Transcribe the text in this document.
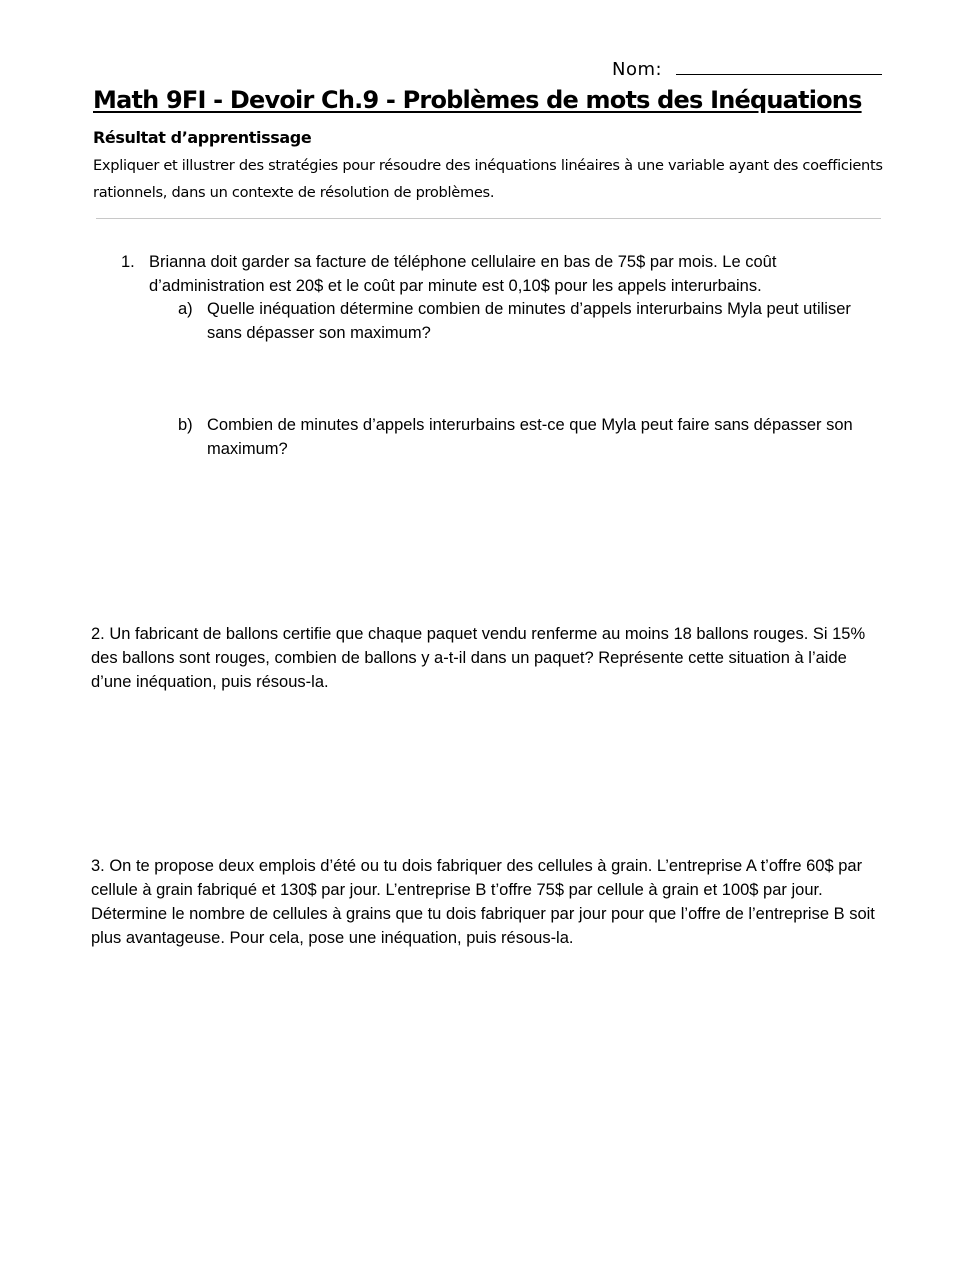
Nom:
Math 9FI - Devoir Ch.9 - Problèmes de mots des Inéquations
Résultat d’apprentissage

Expliquer et illustrer des stratégies pour résoudre des inéquations linéaires à une variable ayant des coefficients rationnels, dans un contexte de résolution de problèmes.

1. Brianna doit garder sa facture de téléphone cellulaire en bas de 75$ par mois. Le coût d’administration est 20$ et le coût par minute est 0,10$ pour les appels interurbains.

a) Quelle inéquation détermine combien de minutes d’appels interurbains Myla peut utiliser sans dépasser son maximum?

b) Combien de minutes d’appels interurbains est-ce que Myla peut faire sans dépasser son maximum?

2. Un fabricant de ballons certifie que chaque paquet vendu renferme au moins 18 ballons rouges. Si 15% des ballons sont rouges, combien de ballons y a-t-il dans un paquet? Représente cette situation à l’aide d’une inéquation, puis résous-la.

3. On te propose deux emplois d’été ou tu dois fabriquer des cellules à grain. L’entreprise A t’offre 60$ par cellule à grain fabriqué et 130$ par jour. L’entreprise B t’offre 75$ par cellule à grain et 100$ par jour. Détermine le nombre de cellules à grains que tu dois fabriquer par jour pour que l’offre de l’entreprise B soit plus avantageuse. Pour cela, pose une inéquation, puis résous-la.
